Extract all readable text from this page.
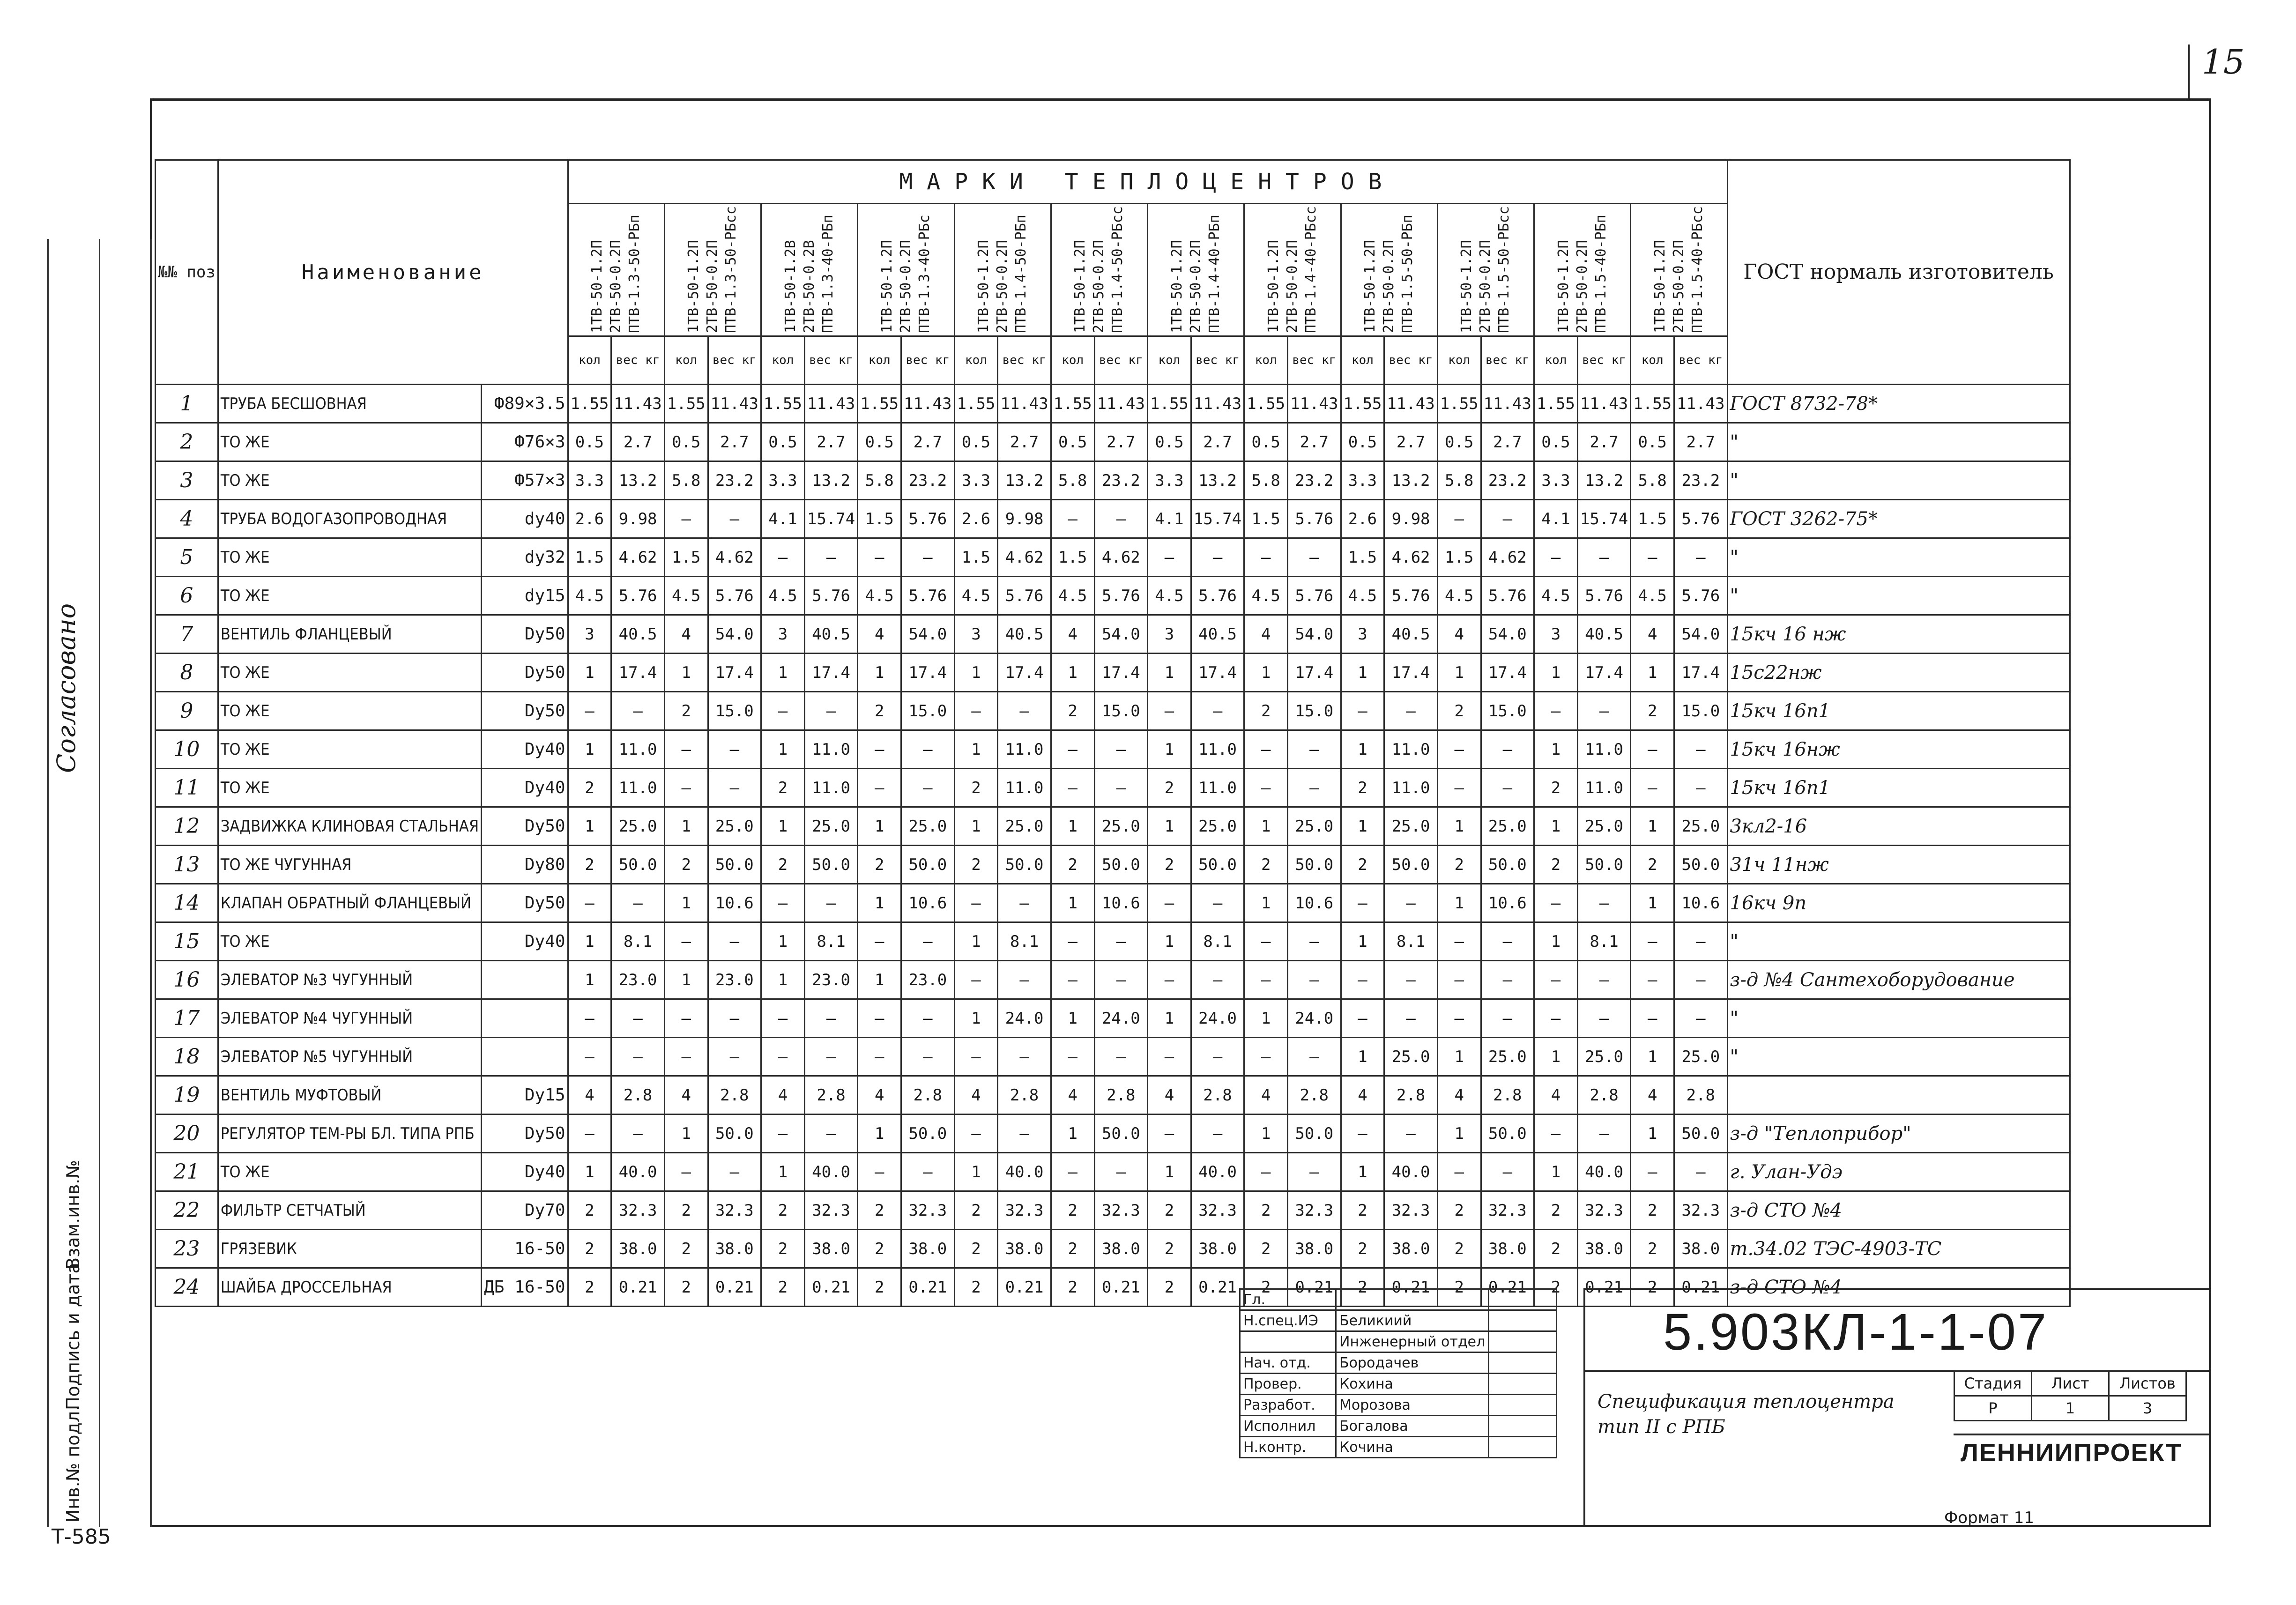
15
Инв.№ подл.
Подпись и дата
Взам.инв.№
Согласовано
№№ поз	Наименование		МАРКИ ТЕПЛОЦЕНТРОВ																								ГОСТ нормаль изготовитель

			1ТВ-50-1.2П 2ТВ-50-0.2П ПТВ-1.3-50-РБп		1ТВ-50-1.2П 2ТВ-50-0.2П ПТВ-1.3-50-РБсс		1ТВ-50-1.2В 2ТВ-50-0.2В ПТВ-1.3-40-РБп		1ТВ-50-1.2П 2ТВ-50-0.2П ПТВ-1.3-40-РБс		1ТВ-50-1.2П 2ТВ-50-0.2П ПТВ-1.4-50-РБп		1ТВ-50-1.2П 2ТВ-50-0.2П ПТВ-1.4-50-РБсс		1ТВ-50-1.2П 2ТВ-50-0.2П ПТВ-1.4-40-РБп		1ТВ-50-1.2П 2ТВ-50-0.2П ПТВ-1.4-40-РБсс		1ТВ-50-1.2П 2ТВ-50-0.2П ПТВ-1.5-50-РБп		1ТВ-50-1.2П 2ТВ-50-0.2П ПТВ-1.5-50-РБсс		1ТВ-50-1.2П 2ТВ-50-0.2П ПТВ-1.5-40-РБп		1ТВ-50-1.2П 2ТВ-50-0.2П ПТВ-1.5-40-РБсс		

			кол	вес кг	кол	вес кг	кол	вес кг	кол	вес кг	кол	вес кг	кол	вес кг	кол	вес кг	кол	вес кг	кол	вес кг	кол	вес кг	кол	вес кг	кол	вес кг	
1	ТРУБА БЕСШОВНАЯ	Ф89×3.5	1.55	11.43	1.55	11.43	1.55	11.43	1.55	11.43	1.55	11.43	1.55	11.43	1.55	11.43	1.55	11.43	1.55	11.43	1.55	11.43	1.55	11.43	1.55	11.43	ГОСТ 8732-78*
2	ТО ЖЕ	Ф76×3	0.5	2.7	0.5	2.7	0.5	2.7	0.5	2.7	0.5	2.7	0.5	2.7	0.5	2.7	0.5	2.7	0.5	2.7	0.5	2.7	0.5	2.7	0.5	2.7	"
3	ТО ЖЕ	Ф57×3	3.3	13.2	5.8	23.2	3.3	13.2	5.8	23.2	3.3	13.2	5.8	23.2	3.3	13.2	5.8	23.2	3.3	13.2	5.8	23.2	3.3	13.2	5.8	23.2	"
4	ТРУБА ВОДОГАЗОПРОВОДНАЯ	dу40	2.6	9.98	–	–	4.1	15.74	1.5	5.76	2.6	9.98	–	–	4.1	15.74	1.5	5.76	2.6	9.98	–	–	4.1	15.74	1.5	5.76	ГОСТ 3262-75*
5	ТО ЖЕ	dу32	1.5	4.62	1.5	4.62	–	–	–	–	1.5	4.62	1.5	4.62	–	–	–	–	1.5	4.62	1.5	4.62	–	–	–	–	"
6	ТО ЖЕ	dу15	4.5	5.76	4.5	5.76	4.5	5.76	4.5	5.76	4.5	5.76	4.5	5.76	4.5	5.76	4.5	5.76	4.5	5.76	4.5	5.76	4.5	5.76	4.5	5.76	"
7	ВЕНТИЛЬ ФЛАНЦЕВЫЙ	Dу50	3	40.5	4	54.0	3	40.5	4	54.0	3	40.5	4	54.0	3	40.5	4	54.0	3	40.5	4	54.0	3	40.5	4	54.0	15кч 16 нж
8	ТО ЖЕ	Dу50	1	17.4	1	17.4	1	17.4	1	17.4	1	17.4	1	17.4	1	17.4	1	17.4	1	17.4	1	17.4	1	17.4	1	17.4	15с22нж
9	ТО ЖЕ	Dу50	–	–	2	15.0	–	–	2	15.0	–	–	2	15.0	–	–	2	15.0	–	–	2	15.0	–	–	2	15.0	15кч 16п1
10	ТО ЖЕ	Dу40	1	11.0	–	–	1	11.0	–	–	1	11.0	–	–	1	11.0	–	–	1	11.0	–	–	1	11.0	–	–	15кч 16нж
11	ТО ЖЕ	Dу40	2	11.0	–	–	2	11.0	–	–	2	11.0	–	–	2	11.0	–	–	2	11.0	–	–	2	11.0	–	–	15кч 16п1
12	ЗАДВИЖКА КЛИНОВАЯ СТАЛЬНАЯ	Dу50	1	25.0	1	25.0	1	25.0	1	25.0	1	25.0	1	25.0	1	25.0	1	25.0	1	25.0	1	25.0	1	25.0	1	25.0	3кл2-16
13	ТО ЖЕ ЧУГУННАЯ	Dу80	2	50.0	2	50.0	2	50.0	2	50.0	2	50.0	2	50.0	2	50.0	2	50.0	2	50.0	2	50.0	2	50.0	2	50.0	31ч 11нж
14	КЛАПАН ОБРАТНЫЙ ФЛАНЦЕВЫЙ	Dу50	–	–	1	10.6	–	–	1	10.6	–	–	1	10.6	–	–	1	10.6	–	–	1	10.6	–	–	1	10.6	16кч 9п
15	ТО ЖЕ	Dу40	1	8.1	–	–	1	8.1	–	–	1	8.1	–	–	1	8.1	–	–	1	8.1	–	–	1	8.1	–	–	"
16	ЭЛЕВАТОР №3 ЧУГУННЫЙ		1	23.0	1	23.0	1	23.0	1	23.0	–	–	–	–	–	–	–	–	–	–	–	–	–	–	–	–	з-д №4 Сантехоборудование
17	ЭЛЕВАТОР №4 ЧУГУННЫЙ		–	–	–	–	–	–	–	–	1	24.0	1	24.0	1	24.0	1	24.0	–	–	–	–	–	–	–	–	"
18	ЭЛЕВАТОР №5 ЧУГУННЫЙ		–	–	–	–	–	–	–	–	–	–	–	–	–	–	–	–	1	25.0	1	25.0	1	25.0	1	25.0	"
19	ВЕНТИЛЬ МУФТОВЫЙ	Dу15	4	2.8	4	2.8	4	2.8	4	2.8	4	2.8	4	2.8	4	2.8	4	2.8	4	2.8	4	2.8	4	2.8	4	2.8	
20	РЕГУЛЯТОР ТЕМ-РЫ БЛ. ТИПА РПБ	Dу50	–	–	1	50.0	–	–	1	50.0	–	–	1	50.0	–	–	1	50.0	–	–	1	50.0	–	–	1	50.0	з-д "Теплоприбор"
21	ТО ЖЕ	Dу40	1	40.0	–	–	1	40.0	–	–	1	40.0	–	–	1	40.0	–	–	1	40.0	–	–	1	40.0	–	–	г. Улан-Удэ
22	ФИЛЬТР СЕТЧАТЫЙ	Dу70	2	32.3	2	32.3	2	32.3	2	32.3	2	32.3	2	32.3	2	32.3	2	32.3	2	32.3	2	32.3	2	32.3	2	32.3	з-д СТО №4
23	ГРЯЗЕВИК	16-50	2	38.0	2	38.0	2	38.0	2	38.0	2	38.0	2	38.0	2	38.0	2	38.0	2	38.0	2	38.0	2	38.0	2	38.0	т.34.02 ТЭС-4903-ТС
24	ШАЙБА ДРОССЕЛЬНАЯ	ДБ 16-50	2	0.21	2	0.21	2	0.21	2	0.21	2	0.21	2	0.21	2	0.21	2	0.21	2	0.21	2	0.21	2	0.21	2	0.21	з-д СТО №4
Гл.		
Н.спец.ИЭ	Беликиий	
	Инженерный отдел	
Нач. отд.	Бородачев	
Провер.	Кохина	
Разработ.	Морозова	
Исполнил	Богалова	
Н.контр.	Кочина	
5.903КЛ-1-1-07
Спецификация теплоцентра
тип II с РПБ
Стадия	Лист	Листов
Р	1	3
ЛЕННИИПРОЕКТ
Формат 11
Т-585
